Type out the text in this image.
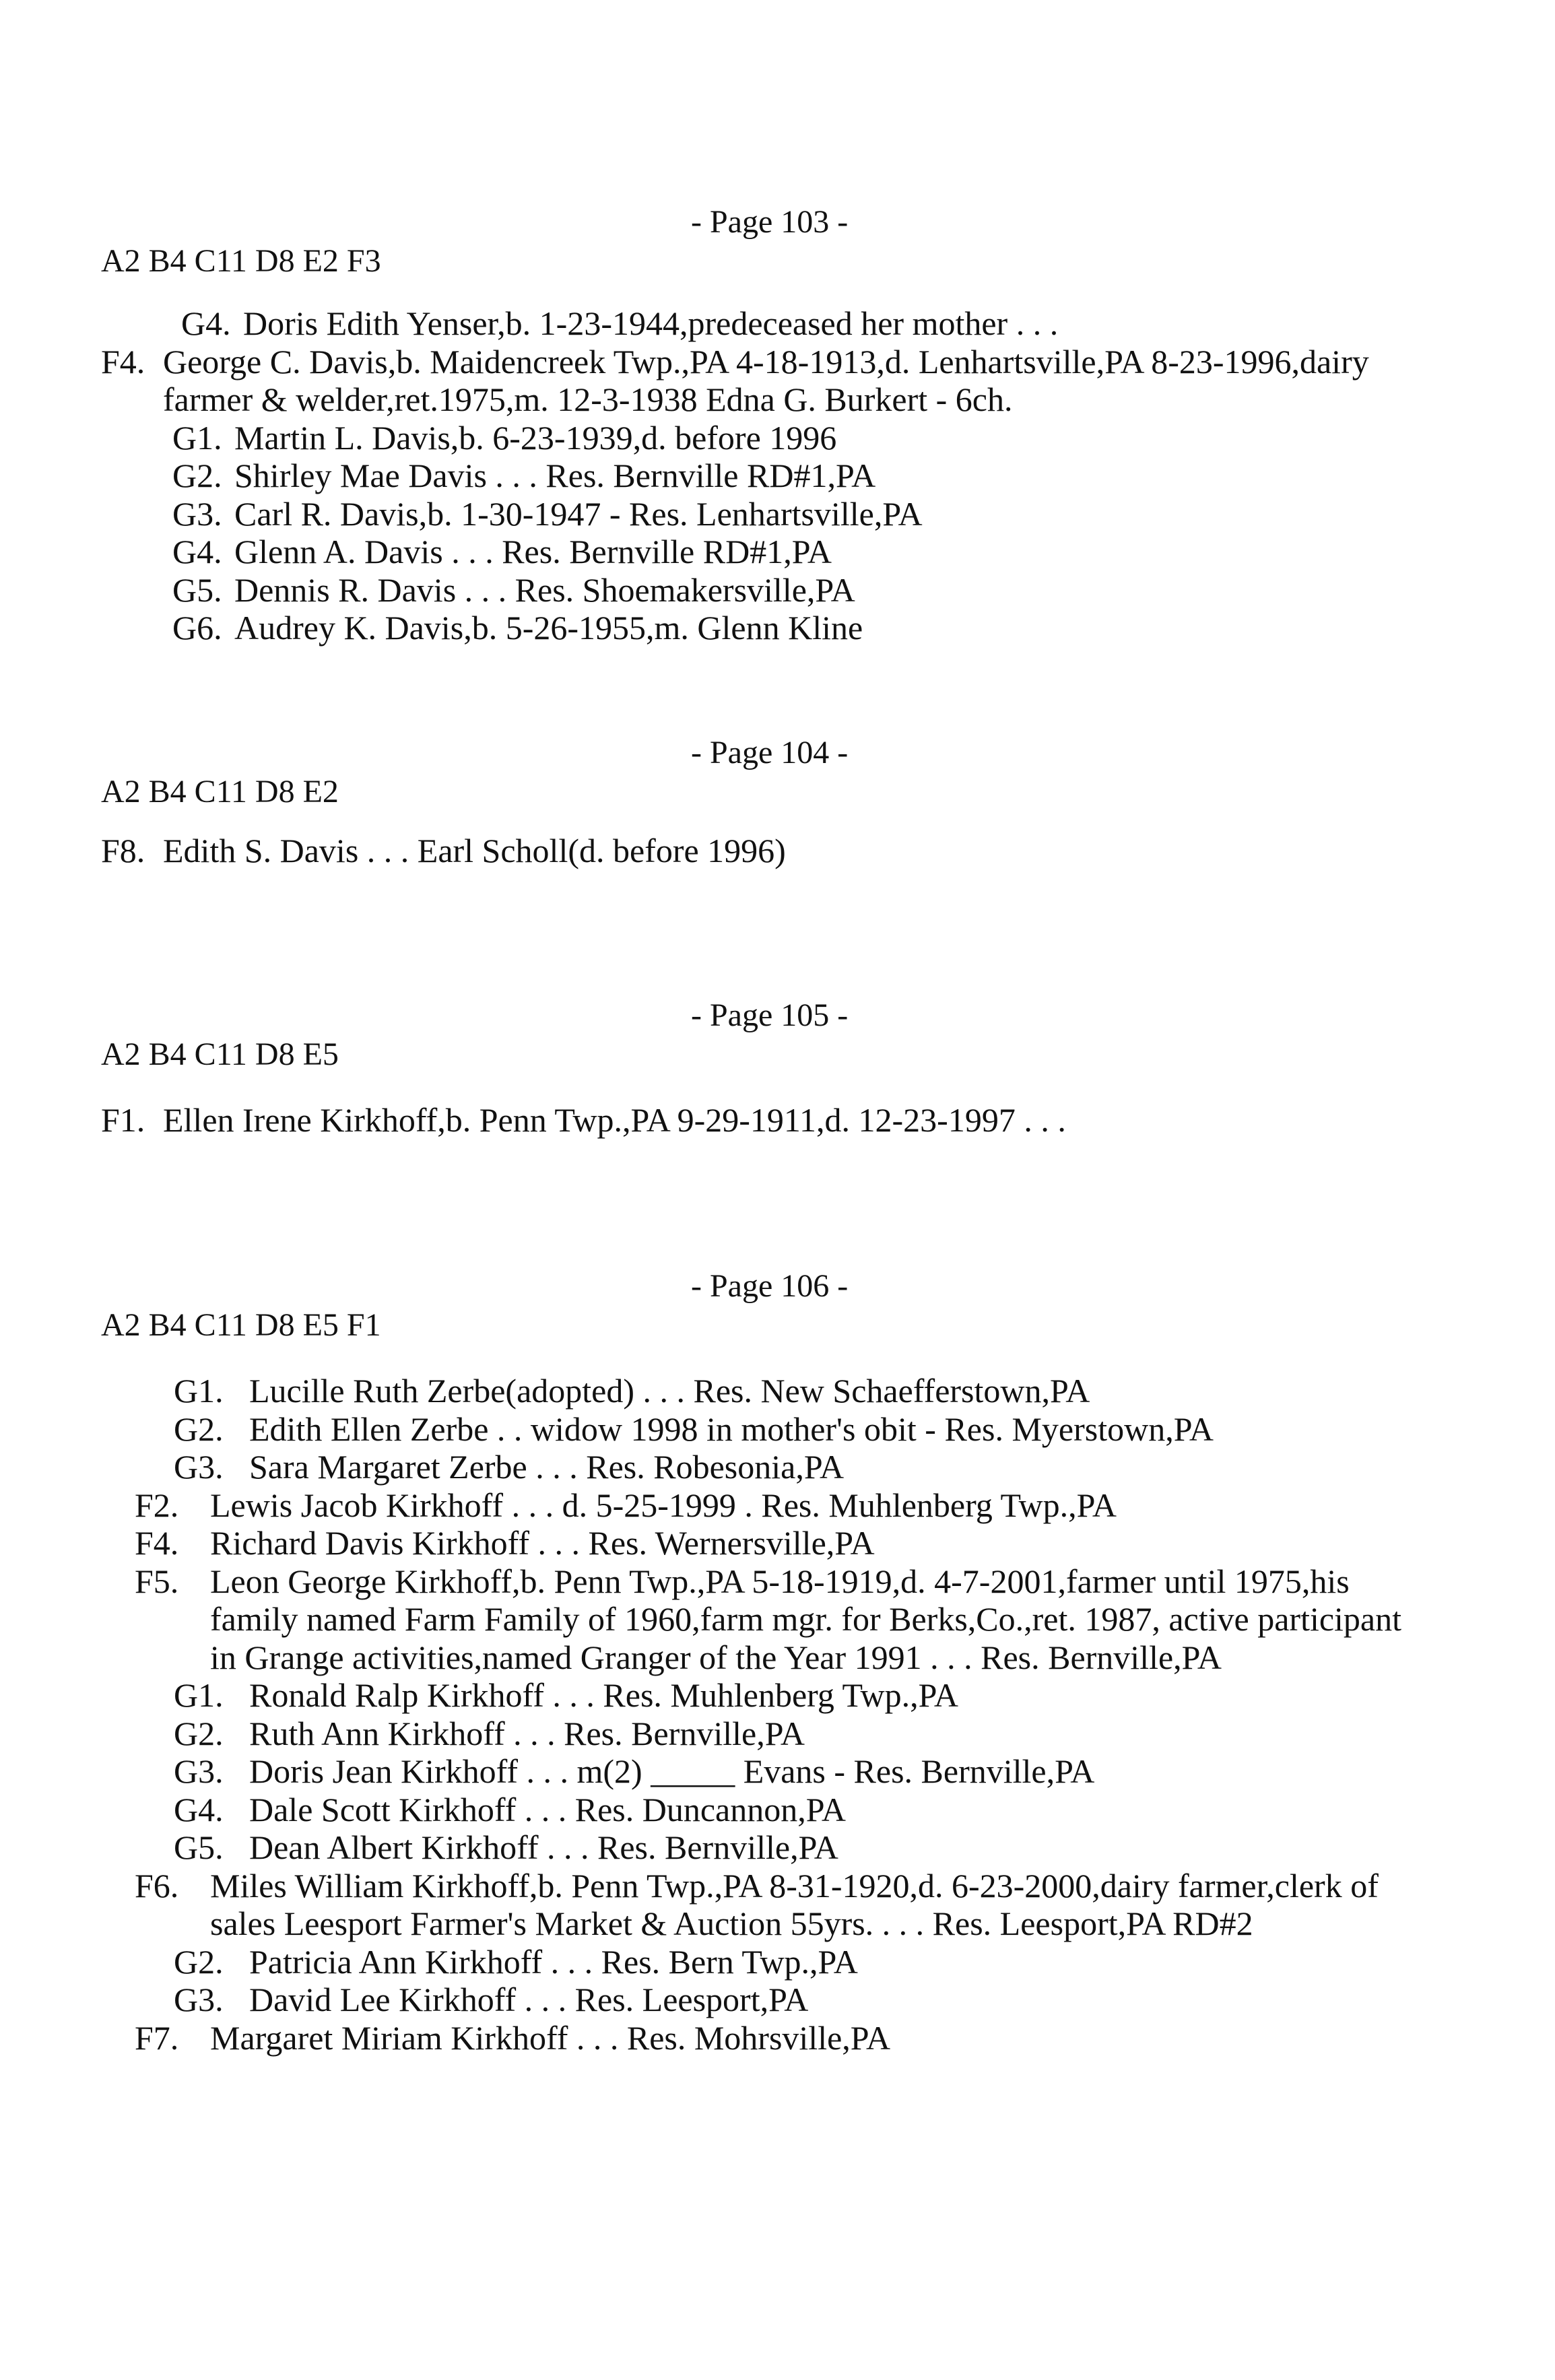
- Page 103 -
A2 B4 C11 D8 E2 F3
G4. Doris Edith Yenser,b. 1-23-1944,predeceased her mother . . .
F4. George C. Davis,b. Maidencreek Twp.,PA 4-18-1913,d. Lenhartsville,PA 8-23-1996,dairy farmer & welder,ret.1975,m. 12-3-1938 Edna G. Burkert - 6ch.
G1. Martin L. Davis,b. 6-23-1939,d. before 1996
G2. Shirley Mae Davis . . . Res. Bernville RD#1,PA
G3. Carl R. Davis,b. 1-30-1947 - Res. Lenhartsville,PA
G4. Glenn A. Davis . . . Res. Bernville RD#1,PA
G5. Dennis R. Davis . . . Res. Shoemakersville,PA
G6. Audrey K. Davis,b. 5-26-1955,m. Glenn Kline
- Page 104 -
A2 B4 C11 D8 E2
F8. Edith S. Davis . . . Earl Scholl(d. before 1996)
- Page 105 -
A2 B4 C11 D8 E5
F1. Ellen Irene Kirkhoff,b. Penn Twp.,PA 9-29-1911,d. 12-23-1997 . . .
- Page 106 -
A2 B4 C11 D8 E5 F1
G1. Lucille Ruth Zerbe(adopted) . . . Res. New Schaefferstown,PA
G2. Edith Ellen Zerbe . . widow 1998 in mother's obit - Res. Myerstown,PA
G3. Sara Margaret Zerbe . . . Res. Robesonia,PA
F2. Lewis Jacob Kirkhoff . . . d. 5-25-1999 . Res. Muhlenberg Twp.,PA
F4. Richard Davis Kirkhoff . . . Res. Wernersville,PA
F5. Leon George Kirkhoff,b. Penn Twp.,PA 5-18-1919,d. 4-7-2001,farmer until 1975,his family named Farm Family of 1960,farm mgr. for Berks,Co.,ret. 1987, active participant in Grange activities,named Granger of the Year 1991 . . . Res. Bernville,PA
G1. Ronald Ralp Kirkhoff . . . Res. Muhlenberg Twp.,PA
G2. Ruth Ann Kirkhoff . . . Res. Bernville,PA
G3. Doris Jean Kirkhoff . . . m(2) _____ Evans - Res. Bernville,PA
G4. Dale Scott Kirkhoff . . . Res. Duncannon,PA
G5. Dean Albert Kirkhoff . . . Res. Bernville,PA
F6. Miles William Kirkhoff,b. Penn Twp.,PA 8-31-1920,d. 6-23-2000,dairy farmer,clerk of sales Leesport Farmer's Market & Auction 55yrs. . . . Res. Leesport,PA RD#2
G2. Patricia Ann Kirkhoff . . . Res. Bern Twp.,PA
G3. David Lee Kirkhoff . . . Res. Leesport,PA
F7. Margaret Miriam Kirkhoff . . . Res. Mohrsville,PA
